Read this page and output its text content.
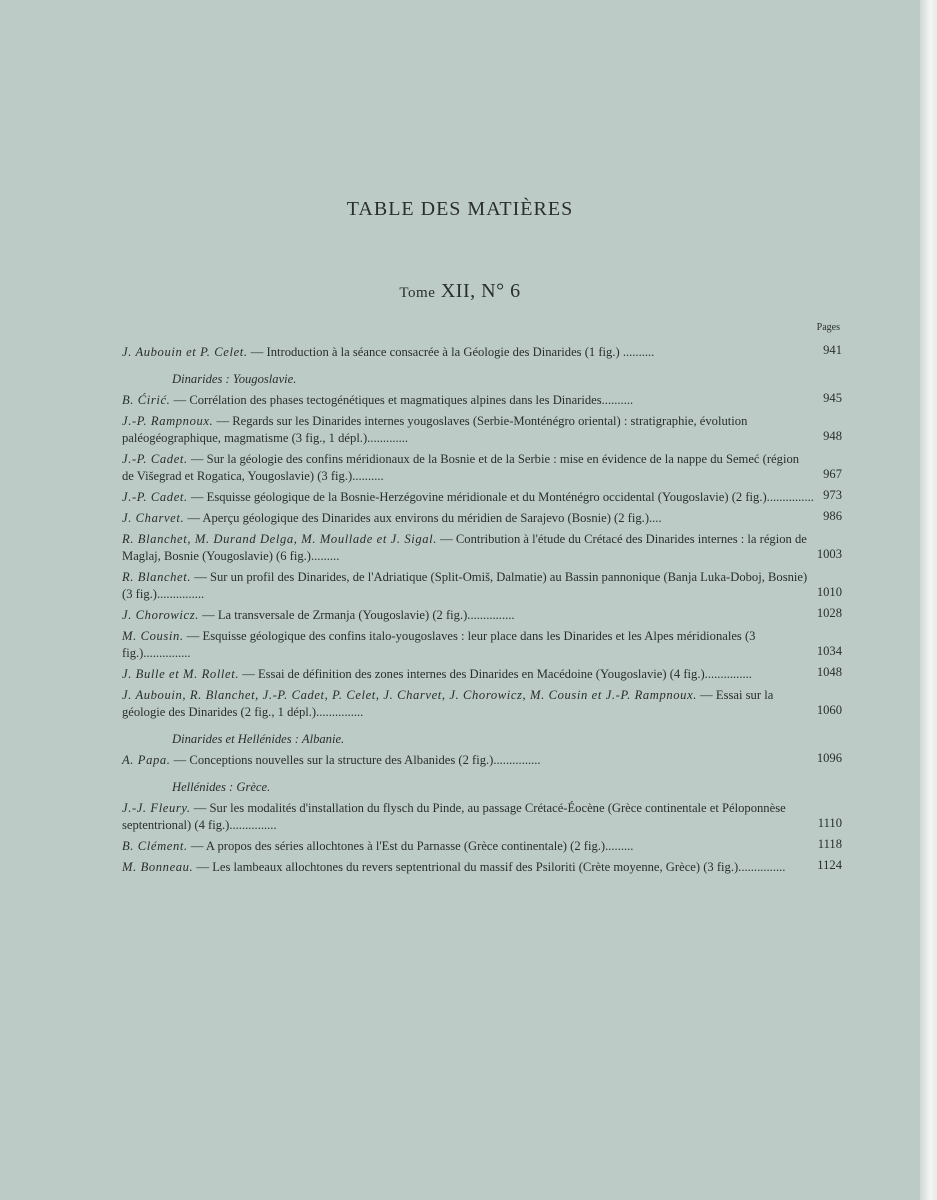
TABLE DES MATIÈRES
Tome XII, N° 6
Pages
J. Aubouin et P. Celet. — Introduction à la séance consacrée à la Géologie des Dinarides (1 fig.) ..........	941
Dinarides : Yougoslavie.
B. Ćirić. — Corrélation des phases tectogénétiques et magmatiques alpines dans les Dinarides..........	945
J.-P. Rampnoux. — Regards sur les Dinarides internes yougoslaves (Serbie-Monténégro oriental) : stratigraphie, évolution paléogéographique, magmatisme (3 fig., 1 dépl.).............	948
J.-P. Cadet. — Sur la géologie des confins méridionaux de la Bosnie et de la Serbie : mise en évidence de la nappe du Semeć (région de Višegrad et Rogatica, Yougoslavie) (3 fig.)..........	967
J.-P. Cadet. — Esquisse géologique de la Bosnie-Herzégovine méridionale et du Monténégro occidental (Yougoslavie) (2 fig.)............... 973
J. Charvet. — Aperçu géologique des Dinarides aux environs du méridien de Sarajevo (Bosnie) (2 fig.)....	986
R. Blanchet, M. Durand Delga, M. Moullade et J. Sigal. — Contribution à l'étude du Crétacé des Dinarides internes : la région de Maglaj, Bosnie (Yougoslavie) (6 fig.).........	1003
R. Blanchet. — Sur un profil des Dinarides, de l'Adriatique (Split-Omiš, Dalmatie) au Bassin pannonique (Banja Luka-Doboj, Bosnie) (3 fig.)...............	1010
J. Chorowicz. — La transversale de Zrmanja (Yougoslavie) (2 fig.)...............	1028
M. Cousin. — Esquisse géologique des confins italo-yougoslaves : leur place dans les Dinarides et les Alpes méridionales (3 fig.)...............	1034
J. Bulle et M. Rollet. — Essai de définition des zones internes des Dinarides en Macédoine (Yougoslavie) (4 fig.)...............	1048
J. Aubouin, R. Blanchet, J.-P. Cadet, P. Celet, J. Charvet, J. Chorowicz, M. Cousin et J.-P. Rampnoux. — Essai sur la géologie des Dinarides (2 fig., 1 dépl.)...............	1060
Dinarides et Hellénides : Albanie.
A. Papa. — Conceptions nouvelles sur la structure des Albanides (2 fig.)...............	1096
Hellénides : Grèce.
J.-J. Fleury. — Sur les modalités d'installation du flysch du Pinde, au passage Crétacé-Éocène (Grèce continentale et Péloponnèse septentrional) (4 fig.)...............	1110
B. Clément. — A propos des séries allochtones à l'Est du Parnasse (Grèce continentale) (2 fig.).........	1118
M. Bonneau. — Les lambeaux allochtones du revers septentrional du massif des Psiloriti (Crète moyenne, Grèce) (3 fig.)...............	1124
